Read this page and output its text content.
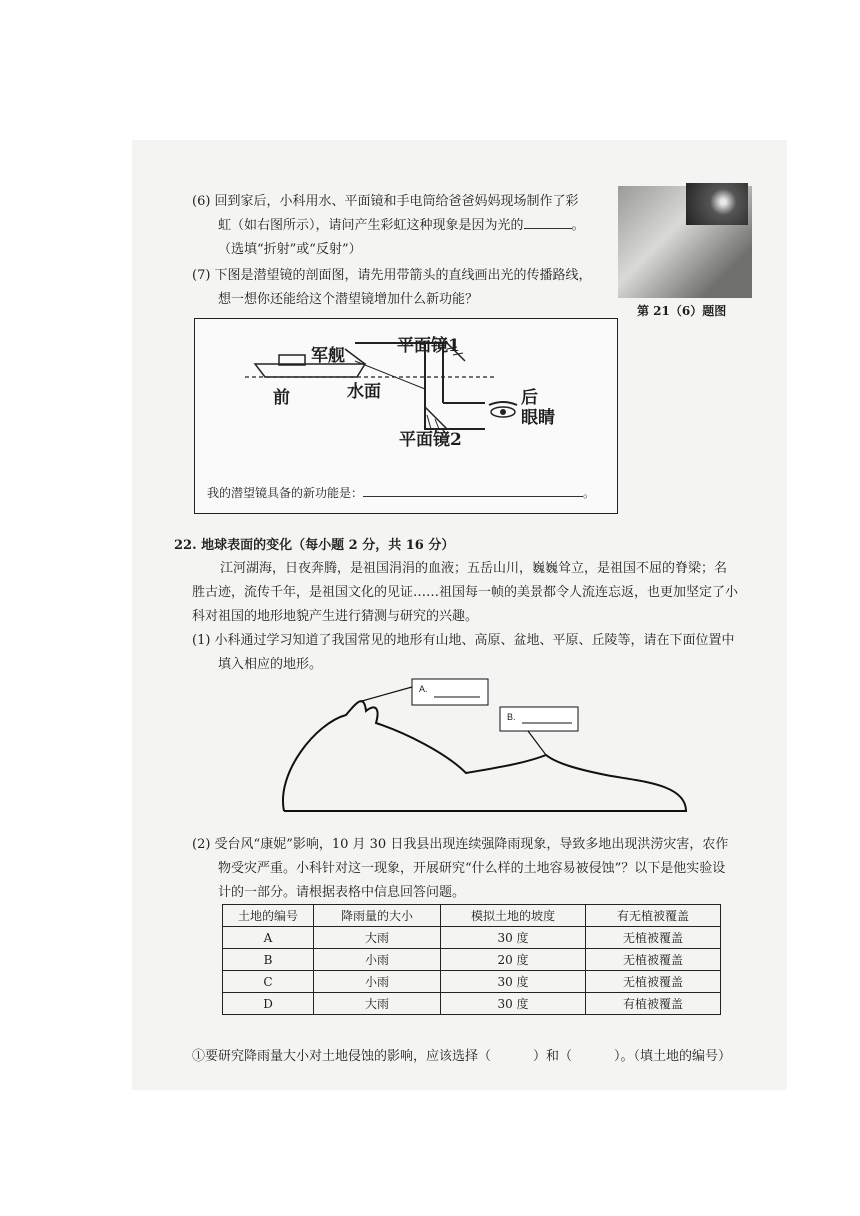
(6) 回到家后，小科用水、平面镜和手电筒给爸爸妈妈现场制作了彩
虹（如右图所示），请问产生彩虹这种现象是因为光的	。
（选填“折射”或“反射”）
第 21（6）题图
(7) 下图是潜望镜的剖面图，请先用带箭头的直线画出光的传播路线，
想一想你还能给这个潜望镜增加什么新功能？
军舰	平面镜1
前	水面	后
眼睛
平面镜2
我的潜望镜具备的新功能是：	。
22. 地球表面的变化（每小题 2 分，共 16 分）
江河湖海，日夜奔腾，是祖国涓涓的血液；五岳山川，巍巍耸立，是祖国不屈的脊梁；名
胜古迹，流传千年，是祖国文化的见证……祖国每一帧的美景都令人流连忘返，也更加坚定了小
科对祖国的地形地貌产生进行猜测与研究的兴趣。
(1) 小科通过学习知道了我国常见的地形有山地、高原、盆地、平原、丘陵等，请在下面位置中
填入相应的地形。
A.
B.
(2) 受台风“康妮”影响，10 月 30 日我县出现连续强降雨现象，导致多地出现洪涝灾害，农作
物受灾严重。小科针对这一现象，开展研究“什么样的土地容易被侵蚀”？以下是他实验设
计的一部分。请根据表格中信息回答问题。
土地的编号	降雨量的大小	模拟土地的坡度	有无植被覆盖
A	大雨	30 度	无植被覆盖
B	小雨	20 度	无植被覆盖
C	小雨	30 度	无植被覆盖
D	大雨	30 度	有植被覆盖
①要研究降雨量大小对土地侵蚀的影响，应该选择（	）和（	）。（填土地的编号）
